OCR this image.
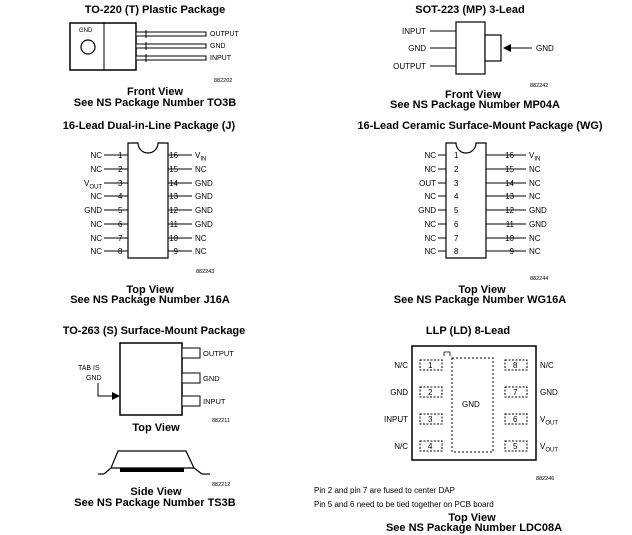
TO-220 (T) Plastic Package
GND	OUTPUT
GND
INPUT
882202
Front View
See NS Package Number TO3B
SOT-223 (MP) 3-Lead
INPUT
GND
OUTPUT
GND
882242
Front View
See NS Package Number MP04A
16-Lead Dual-in-Line Package (J)
NC
NC
$V_{OUT}$
NC
GND
NC
NC
NC
1
2
3
4
5
6
7
8
16
15
14
13
12
11
10
9
$V_{IN}$
NC
GND
GND
GND
GND
NC
NC
882243
Top View
See NS Package Number J16A
16-Lead Ceramic Surface-Mount Package (WG)
NC
NC
OUT
NC
GND
NC
NC
NC
1
2
3
4
5
6
7
8
16
15
14
13
12
11
10
9
$V_{IN}$
NC
NC
NC
GND
GND
NC
NC
882244
Top View
See NS Package Number WG16A
TO-263 (S) Surface-Mount Package
TAB IS
GND
OUTPUT
GND
INPUT
882211
Top View
882212
Side View
See NS Package Number TS3B
LLP (LD) 8-Lead
N/C
GND
INPUT
N/C
1
2
3
4
8
7
6
5
N/C
GND
$V_{OUT}$
$V_{OUT}$
GND
882246
Pin 2 and pin 7 are fused to center DAP
Pin 5 and 6 need to be tied together on PCB board
Top View
See NS Package Number LDC08A
